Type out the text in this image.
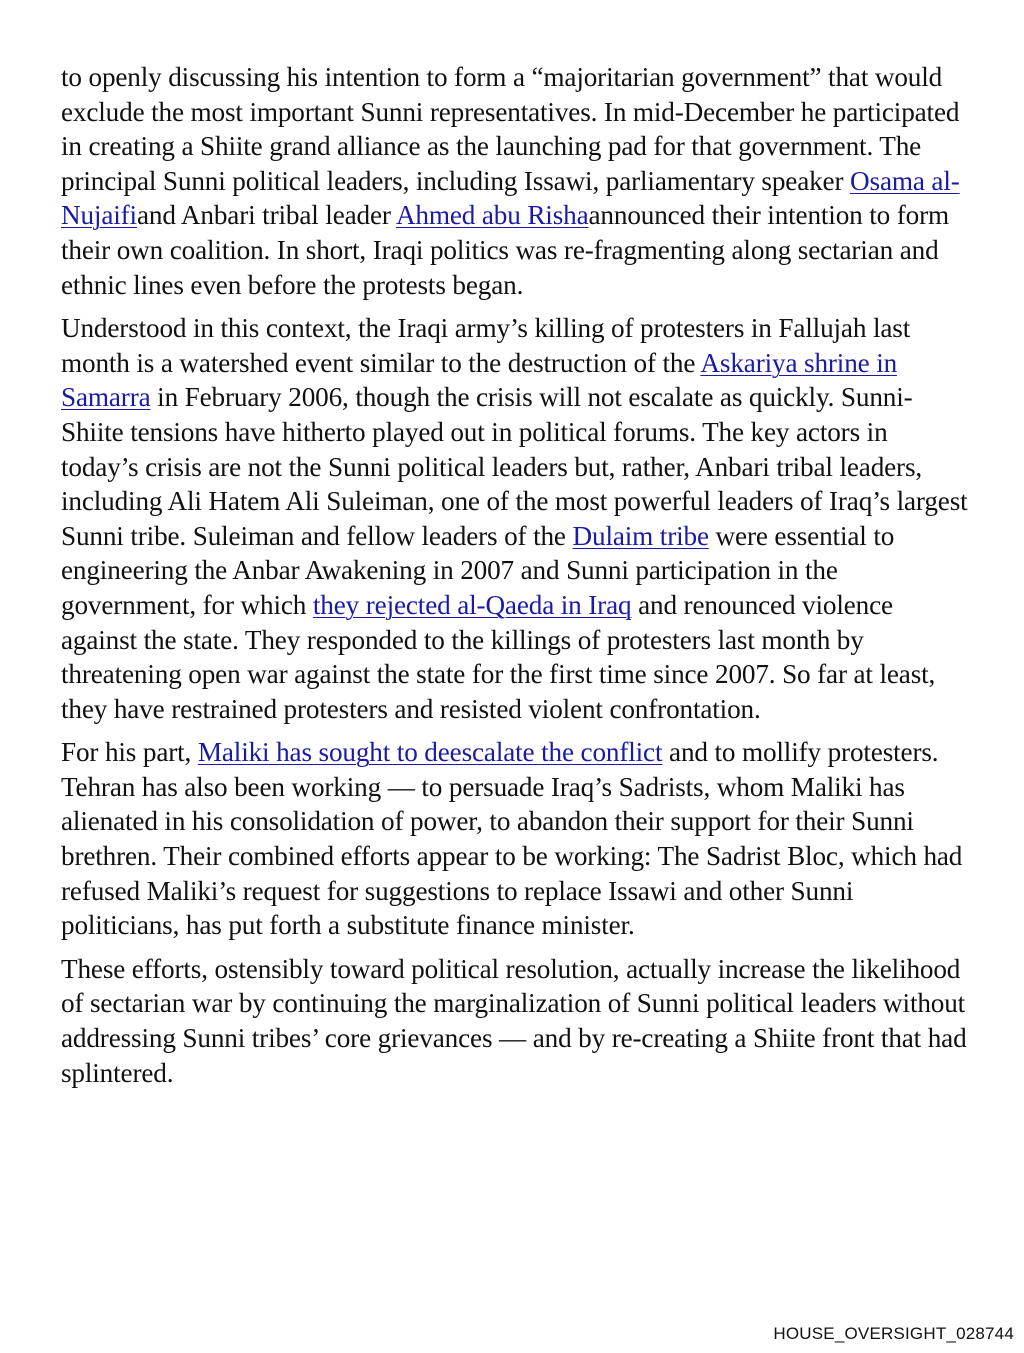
to openly discussing his intention to form a “majoritarian government” that would exclude the most important Sunni representatives. In mid-December he participated in creating a Shiite grand alliance as the launching pad for that government. The principal Sunni political leaders, including Issawi, parliamentary speaker Osama al-Nujaifiand Anbari tribal leader Ahmed abu Rishaannounced their intention to form their own coalition. In short, Iraqi politics was re-fragmenting along sectarian and ethnic lines even before the protests began.

Understood in this context, the Iraqi army’s killing of protesters in Fallujah last month is a watershed event similar to the destruction of the Askariya shrine in Samarra in February 2006, though the crisis will not escalate as quickly. Sunni-Shiite tensions have hitherto played out in political forums. The key actors in today’s crisis are not the Sunni political leaders but, rather, Anbari tribal leaders, including Ali Hatem Ali Suleiman, one of the most powerful leaders of Iraq’s largest Sunni tribe. Suleiman and fellow leaders of the Dulaim tribe were essential to engineering the Anbar Awakening in 2007 and Sunni participation in the government, for which they rejected al-Qaeda in Iraq and renounced violence against the state. They responded to the killings of protesters last month by threatening open war against the state for the first time since 2007. So far at least, they have restrained protesters and resisted violent confrontation.

For his part, Maliki has sought to deescalate the conflict and to mollify protesters. Tehran has also been working — to persuade Iraq’s Sadrists, whom Maliki has alienated in his consolidation of power, to abandon their support for their Sunni brethren. Their combined efforts appear to be working: The Sadrist Bloc, which had refused Maliki’s request for suggestions to replace Issawi and other Sunni politicians, has put forth a substitute finance minister.

These efforts, ostensibly toward political resolution, actually increase the likelihood of sectarian war by continuing the marginalization of Sunni political leaders without addressing Sunni tribes’ core grievances — and by re-creating a Shiite front that had splintered.

HOUSE_OVERSIGHT_028744
